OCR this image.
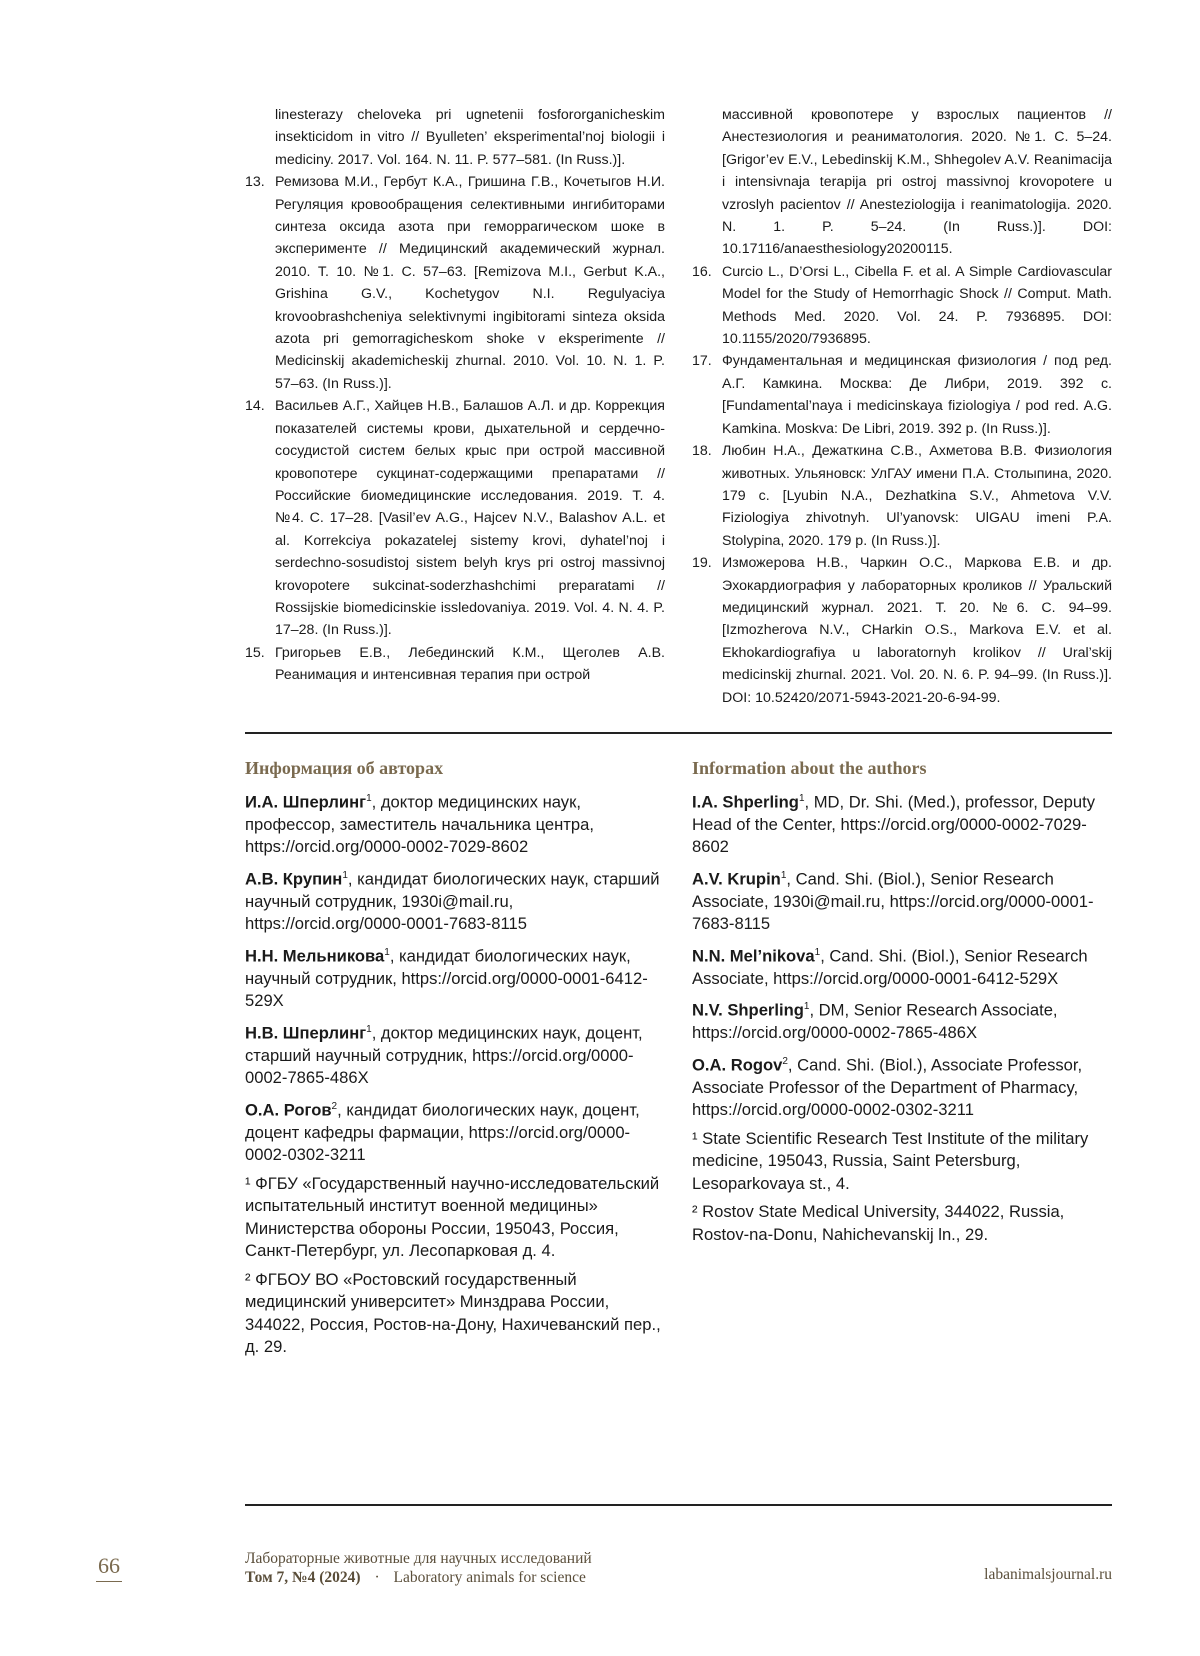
linesterazy cheloveka pri ugnetenii fosfororganicheskim insekticidom in vitro // Byulleten’ eksperimental’noj biologii i mediciny. 2017. Vol. 164. N. 11. P. 577–581. (In Russ.)].
13. Ремизова М.И., Гербут К.А., Гришина Г.В., Кочетыгов Н.И. Регуляция кровообращения селективными ингибиторами синтеза оксида азота при геморрагическом шоке в эксперименте // Медицинский академический журнал. 2010. Т. 10. №1. С. 57–63. [Remizova M.I., Gerbut K.A., Grishina G.V., Kochetygov N.I. Regulyaciya krovoobrashcheniya selektivnymi ingibitorami sinteza oksida azota pri gemorragicheskom shoke v eksperimente // Medicinskij akademicheskij zhurnal. 2010. Vol. 10. N. 1. P. 57–63. (In Russ.)].
14. Васильев А.Г., Хайцев Н.В., Балашов А.Л. и др. Коррекция показателей системы крови, дыхательной и сердечно-сосудистой систем белых крыс при острой массивной кровопотере сукцинат-содержащими препаратами // Российские биомедицинские исследования. 2019. Т. 4. №4. С. 17–28. [Vasil’ev A.G., Hajcev N.V., Balashov A.L. et al. Korrekciya pokazatelej sistemy krovi, dyhatel’noj i serdechno-sosudistoj sistem belyh krys pri ostroj massivnoj krovopotere sukcinat-soderzhashchimi preparatami // Rossijskie biomedicinskie issledovaniya. 2019. Vol. 4. N. 4. P. 17–28. (In Russ.)].
15. Григорьев Е.В., Лебединский К.М., Щеголев А.В. Реанимация и интенсивная терапия при острой
массивной кровопотере у взрослых пациентов // Анестезиология и реаниматология. 2020. №1. С. 5–24. [Grigor’ev E.V., Lebedinskij K.M., Shhegolev A.V. Reanimacija i intensivnaja terapija pri ostroj massivnoj krovopotere u vzroslyh pacientov // Anesteziologija i reanimatologija. 2020. N. 1. P. 5–24. (In Russ.)]. DOI: 10.17116/anaesthesiology20200115.
16. Curcio L., D’Orsi L., Cibella F. et al. A Simple Cardiovascular Model for the Study of Hemorrhagic Shock // Comput. Math. Methods Med. 2020. Vol. 24. P. 7936895. DOI: 10.1155/2020/7936895.
17. Фундаментальная и медицинская физиология / под ред. А.Г. Камкина. Москва: Де Либри, 2019. 392 с. [Fundamental’naya i medicinskaya fiziologiya / pod red. A.G. Kamkina. Moskva: De Libri, 2019. 392 p. (In Russ.)].
18. Любин Н.А., Дежаткина С.В., Ахметова В.В. Физиология животных. Ульяновск: УлГАУ имени П.А. Столыпина, 2020. 179 с. [Lyubin N.A., Dezhatkina S.V., Ahmetova V.V. Fiziologiya zhivotnyh. Ul’yanovsk: UlGAU imeni P.A. Stolypina, 2020. 179 p. (In Russ.)].
19. Изможерова Н.В., Чаркин О.С., Маркова Е.В. и др. Эхокардиография у лабораторных кроликов // Уральский медицинский журнал. 2021. Т. 20. №6. С. 94–99. [Izmozherova N.V., CHarkin O.S., Markova E.V. et al. Ekhokardiografiya u laboratornyh krolikov // Ural’skij medicinskij zhurnal. 2021. Vol. 20. N. 6. P. 94–99. (In Russ.)]. DOI: 10.52420/2071-5943-2021-20-6-94-99.
Информация об авторах
И.А. Шперлинг$^1$, доктор медицинских наук, профессор, заместитель начальника центра, https://orcid.org/0000-0002-7029-8602
А.В. Крупин$^1$, кандидат биологических наук, старший научный сотрудник, 1930i@mail.ru, https://orcid.org/0000-0001-7683-8115
Н.Н. Мельникова$^1$, кандидат биологических наук, научный сотрудник, https://orcid.org/0000-0001-6412-529X
Н.В. Шперлинг$^1$, доктор медицинских наук, доцент, старший научный сотрудник, https://orcid.org/0000-0002-7865-486X
О.А. Рогов$^2$, кандидат биологических наук, доцент, доцент кафедры фармации, https://orcid.org/0000-0002-0302-3211
¹ ФГБУ «Государственный научно-исследовательский испытательный институт военной медицины» Министерства обороны России, 195043, Россия, Санкт-Петербург, ул. Лесопарковая д. 4.
² ФГБОУ ВО «Ростовский государственный медицинский университет» Минздрава России, 344022, Россия, Ростов-на-Дону, Нахичеванский пер., д. 29.
Information about the authors
I.A. Shperling$^1$, MD, Dr. Shi. (Med.), professor, Deputy Head of the Center, https://orcid.org/0000-0002-7029-8602
A.V. Krupin$^1$, Cand. Shi. (Biol.), Senior Research Associate, 1930i@mail.ru, https://orcid.org/0000-0001-7683-8115
N.N. Mel’nikova$^1$, Cand. Shi. (Biol.), Senior Research Associate, https://orcid.org/0000-0001-6412-529X
N.V. Shperling$^1$, DM, Senior Research Associate, https://orcid.org/0000-0002-7865-486X
O.A. Rogov$^2$, Cand. Shi. (Biol.), Associate Professor, Associate Professor of the Department of Pharmacy, https://orcid.org/0000-0002-0302-3211
¹ State Scientific Research Test Institute of the military medicine, 195043, Russia, Saint Petersburg, Lesoparkovaya st., 4.
² Rostov State Medical University, 344022, Russia, Rostov-na-Donu, Nahichevanskij ln., 29.
66	Лабораторные животные для научных исследований
Том 7, №4 (2024) · Laboratory animals for science	labanimalsjournal.ru
